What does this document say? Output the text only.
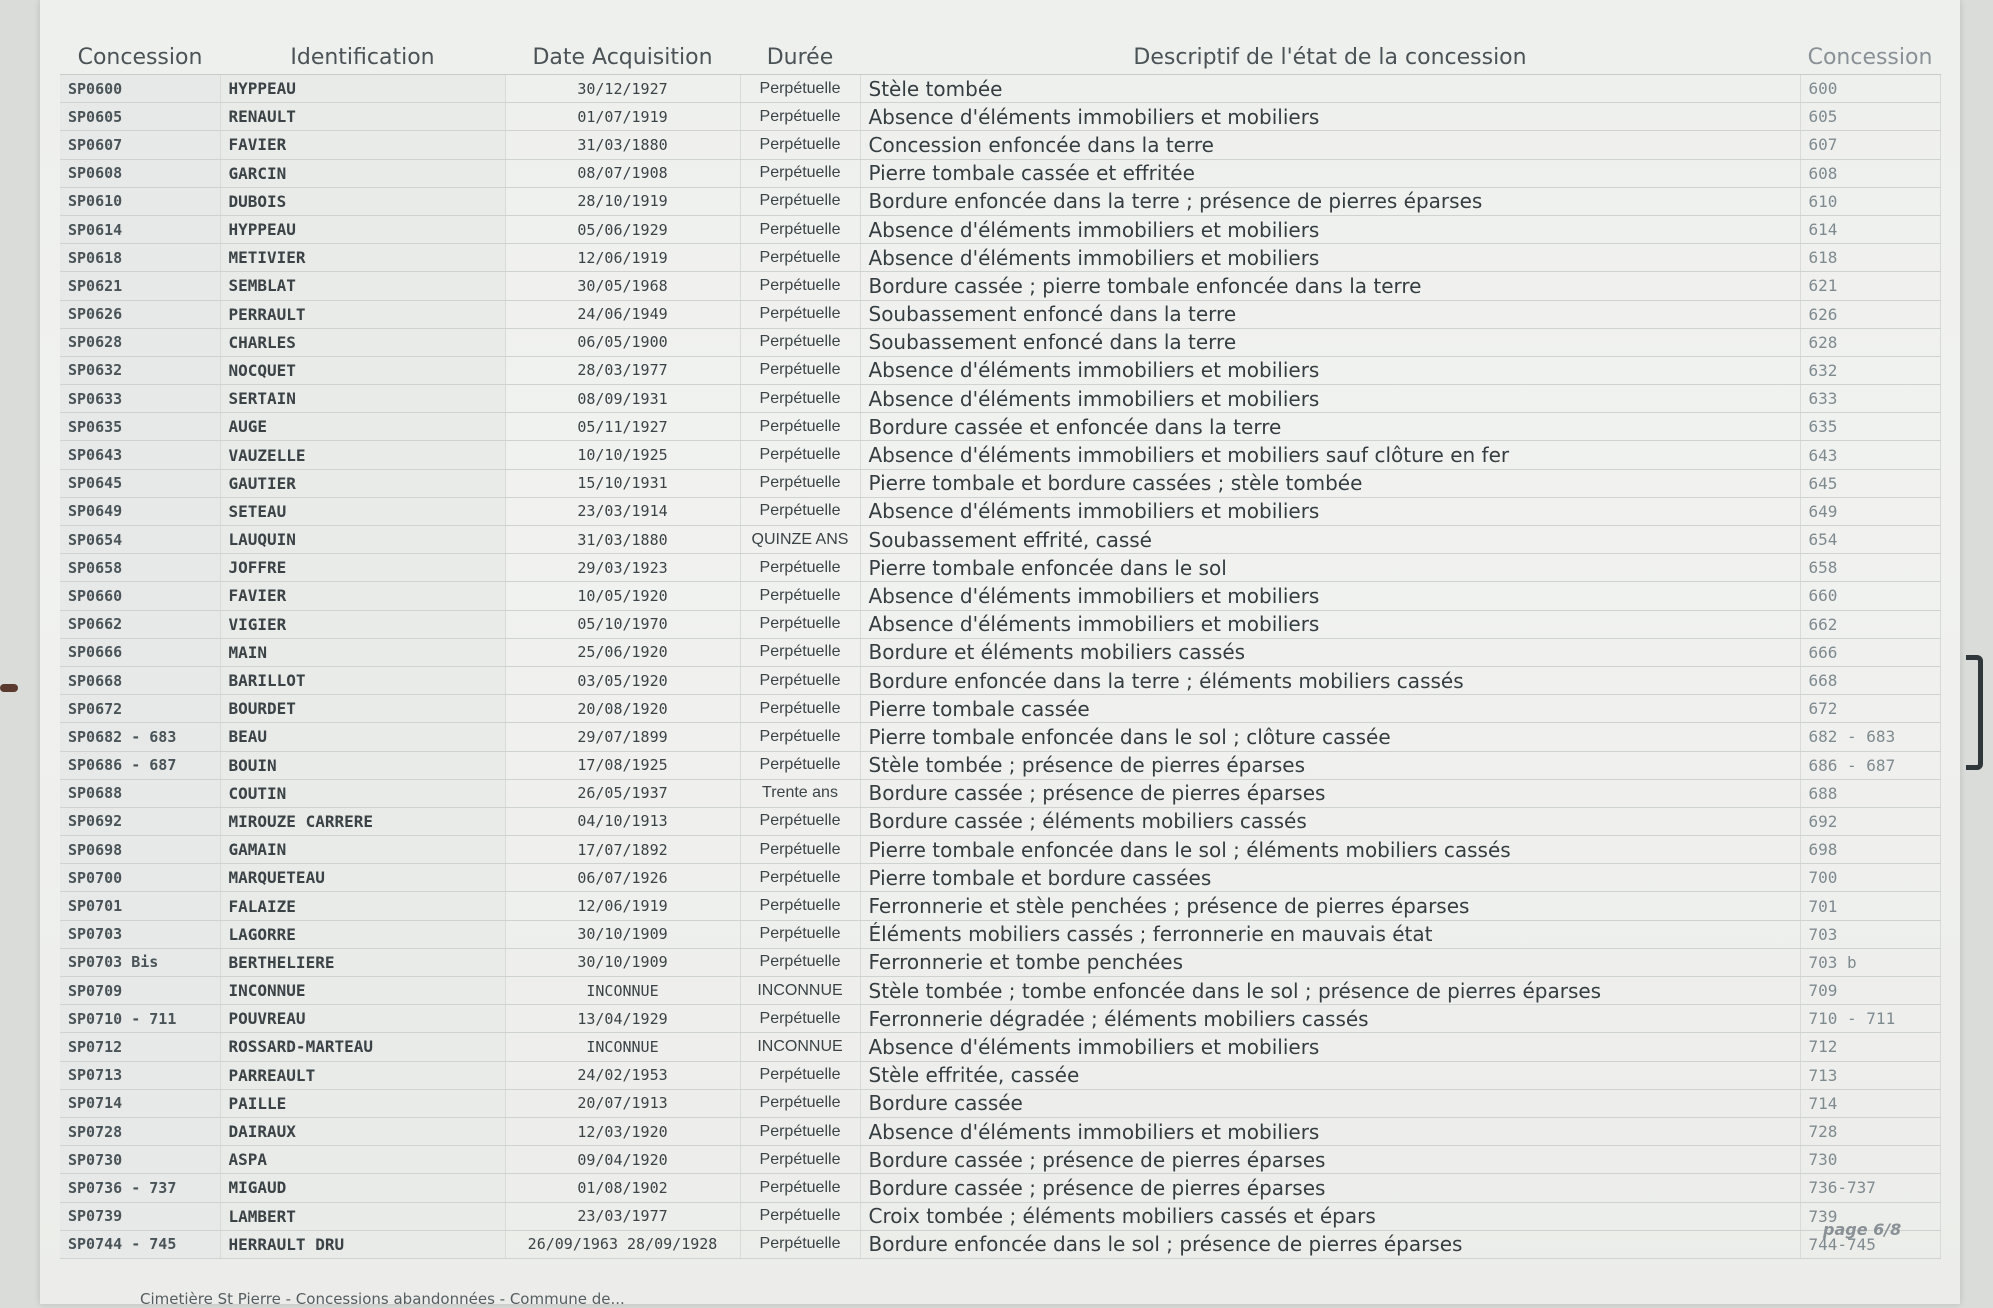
Concession	Identification	Date Acquisition	Durée	Descriptif de l'état de la concession	Concession
SP0600	HYPPEAU	30/12/1927	Perpétuelle	Stèle tombée	600
SP0605	RENAULT	01/07/1919	Perpétuelle	Absence d'éléments immobiliers et mobiliers	605
SP0607	FAVIER	31/03/1880	Perpétuelle	Concession enfoncée dans la terre	607
SP0608	GARCIN	08/07/1908	Perpétuelle	Pierre tombale cassée et effritée	608
SP0610	DUBOIS	28/10/1919	Perpétuelle	Bordure enfoncée dans la terre ; présence de pierres éparses	610
SP0614	HYPPEAU	05/06/1929	Perpétuelle	Absence d'éléments immobiliers et mobiliers	614
SP0618	METIVIER	12/06/1919	Perpétuelle	Absence d'éléments immobiliers et mobiliers	618
SP0621	SEMBLAT	30/05/1968	Perpétuelle	Bordure cassée ; pierre tombale enfoncée dans la terre	621
SP0626	PERRAULT	24/06/1949	Perpétuelle	Soubassement enfoncé dans la terre	626
SP0628	CHARLES	06/05/1900	Perpétuelle	Soubassement enfoncé dans la terre	628
SP0632	NOCQUET	28/03/1977	Perpétuelle	Absence d'éléments immobiliers et mobiliers	632
SP0633	SERTAIN	08/09/1931	Perpétuelle	Absence d'éléments immobiliers et mobiliers	633
SP0635	AUGE	05/11/1927	Perpétuelle	Bordure cassée et enfoncée dans la terre	635
SP0643	VAUZELLE	10/10/1925	Perpétuelle	Absence d'éléments immobiliers et mobiliers sauf clôture en fer	643
SP0645	GAUTIER	15/10/1931	Perpétuelle	Pierre tombale et bordure cassées ; stèle tombée	645
SP0649	SETEAU	23/03/1914	Perpétuelle	Absence d'éléments immobiliers et mobiliers	649
SP0654	LAUQUIN	31/03/1880	QUINZE ANS	Soubassement effrité, cassé	654
SP0658	JOFFRE	29/03/1923	Perpétuelle	Pierre tombale enfoncée dans le sol	658
SP0660	FAVIER	10/05/1920	Perpétuelle	Absence d'éléments immobiliers et mobiliers	660
SP0662	VIGIER	05/10/1970	Perpétuelle	Absence d'éléments immobiliers et mobiliers	662
SP0666	MAIN	25/06/1920	Perpétuelle	Bordure et éléments mobiliers cassés	666
SP0668	BARILLOT	03/05/1920	Perpétuelle	Bordure enfoncée dans la terre ; éléments mobiliers cassés	668
SP0672	BOURDET	20/08/1920	Perpétuelle	Pierre tombale cassée	672
SP0682 - 683	BEAU	29/07/1899	Perpétuelle	Pierre tombale enfoncée dans le sol ; clôture cassée	682 - 683
SP0686 - 687	BOUIN	17/08/1925	Perpétuelle	Stèle tombée ; présence de pierres éparses	686 - 687
SP0688	COUTIN	26/05/1937	Trente ans	Bordure cassée ; présence de pierres éparses	688
SP0692	MIROUZE CARRERE	04/10/1913	Perpétuelle	Bordure cassée ; éléments mobiliers cassés	692
SP0698	GAMAIN	17/07/1892	Perpétuelle	Pierre tombale enfoncée dans le sol ; éléments mobiliers cassés	698
SP0700	MARQUETEAU	06/07/1926	Perpétuelle	Pierre tombale et bordure cassées	700
SP0701	FALAIZE	12/06/1919	Perpétuelle	Ferronnerie et stèle penchées ; présence de pierres éparses	701
SP0703	LAGORRE	30/10/1909	Perpétuelle	Éléments mobiliers cassés ; ferronnerie en mauvais état	703
SP0703 Bis	BERTHELIERE	30/10/1909	Perpétuelle	Ferronnerie et tombe penchées	703 b
SP0709	INCONNUE	INCONNUE	INCONNUE	Stèle tombée ; tombe enfoncée dans le sol ; présence de pierres éparses	709
SP0710 - 711	POUVREAU	13/04/1929	Perpétuelle	Ferronnerie dégradée ; éléments mobiliers cassés	710 - 711
SP0712	ROSSARD-MARTEAU	INCONNUE	INCONNUE	Absence d'éléments immobiliers et mobiliers	712
SP0713	PARREAULT	24/02/1953	Perpétuelle	Stèle effritée, cassée	713
SP0714	PAILLE	20/07/1913	Perpétuelle	Bordure cassée	714
SP0728	DAIRAUX	12/03/1920	Perpétuelle	Absence d'éléments immobiliers et mobiliers	728
SP0730	ASPA	09/04/1920	Perpétuelle	Bordure cassée ; présence de pierres éparses	730
SP0736 - 737	MIGAUD	01/08/1902	Perpétuelle	Bordure cassée ; présence de pierres éparses	736-737
SP0739	LAMBERT	23/03/1977	Perpétuelle	Croix tombée ; éléments mobiliers cassés et épars	739
SP0744 - 745	HERRAULT DRU	26/09/1963 28/09/1928	Perpétuelle	Bordure enfoncée dans le sol ; présence de pierres éparses	744-745
page 6/8
Cimetière St Pierre - Concessions abandonnées - Commune de...
